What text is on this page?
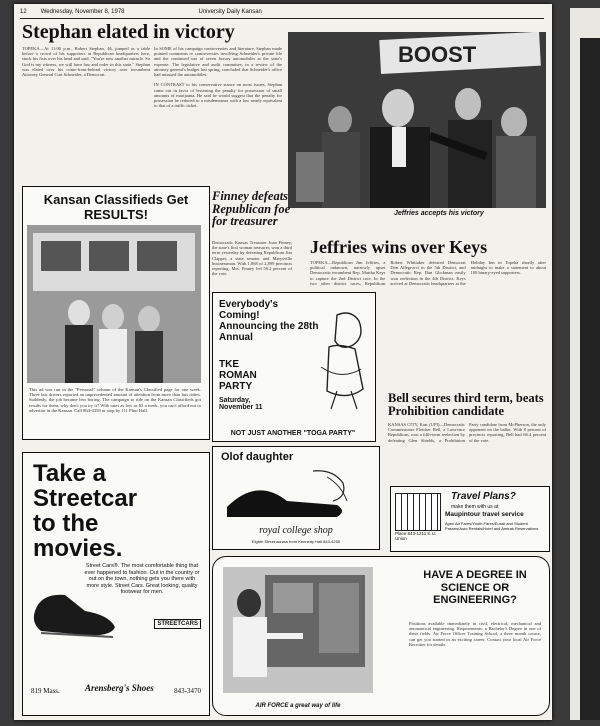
12 Wednesday, November 8, 1978	University Daily Kansan
Stephan elated in victory
TOPEKA—At 11:00 p.m., Robert Stephan, 46, jumped as a table before a crowd of his supporters at Republican headquarters here, stuck his fists over his head and said, "You're now another miracle. So God is my witness, we will have law and order in this state." Stephan was elated over his come-from-behind victory over incumbent Attorney General Curt Schneider, a Democrat.
In SOME of his campaign controversies and literature, Stephan made pointed comments to controversies involving Schneider's private life and the continued use of seven luxury automobiles at the state's expense. The legislative and audit committee, in a review of the attorney general's budget last spring, concluded that Schneider's office had misused the automobiles.

IN CONTRAST to his conservative stance on most issues, Stephan came out in favor of lessening the penalty for possession of small amounts of marijuana. He said he would suggest that the penalty for possession be reduced to a misdemeanor with a law nearly equivalent to that of a traffic ticket.
BOOST
Jeffries accepts his victory
Kansan Classifieds Get
RESULTS!
This ad was run in the "Personal" column of the Kansan's Classified page for one week. Three bus drivers reported an unprecedented amount of attention from more than bus riders. Suddenly, the job became less boring. The campaign to ride on the Kansan Classifieds got results for them, why don't you try it? With rates as low as $3 a week, you can't afford not to advertise in the Kansan. Call 864-4358 or stop by 111 Flint Hall.
Finney defeats Republican foe for treasurer
Democratic Kansas Treasurer Joan Finney, the state's first woman treasurer, won a third term yesterday by defeating Republican Jim Clapper, a state senator and Marysville businessman. With 1,868 of 2,899 precincts reporting, Mrs. Finney led 58.2 percent of the vote.
Jeffries wins over Keys
TOPEKA—Republican Jim Jeffries, a political unknown, narrowly upset Democratic incumbent Rep. Martha Keys to capture the 2nd District race. In the two other district races, Republican Robert Whittaker defeated Democrat Don Allegrucci in the 5th District, and Democratic Rep. Dan Glickman easily won reelection in the 4th District. Keys arrived at Democratic headquarters at the Holiday Inn in Topeka shortly after midnight to make a statement to about 100 binary-eyed supporters.
Everybody's Coming! Announcing the 28th Annual
TKE ROMAN PARTY
Saturday, November 11
NOT JUST ANOTHER "TOGA PARTY"
Bell secures third term, beats Prohibition candidate
KANSAS CITY, Kan. (UPI)—Democratic Commissioner Fletcher Bell, a Lawrence Republican, won a fifth-term reelection by defeating Glen Shields, a Prohibition Party candidate from McPherson, the only opponent on the ballot. With 8 percent of precincts reporting, Bell had 66.4 percent of the vote.
Olof daughter
royal college shop
Eighth Street across from Kennedy Hall 843-4255
Travel Plans?
make them with us at
Maupintour travel service
Apex Air Fares/Youth Fares/Eurail and Student Passes/Auto Rentals/Hotel and Amtrak Reservations
Place 843-1211 K.U. Union
Take a
Streetcar
to the
movies.
Street Cars®. The most comfortable thing that ever happened to fashion. Out in the country or out on the town, nothing gets you there with more style. Street Cars. Great looking, quality footwear for men.
STREETCARS
819 Mass.	Arensberg's Shoes	843-3470
AIR FORCE a great way of life
HAVE A DEGREE IN SCIENCE OR ENGINEERING?
Positions available immediately in civil, electrical, mechanical and aeronautical engineering. Requirements: a Bachelor's Degree in one of these fields. Air Force Officer Training School, a three month course, can get you started in an exciting career. Contact your local Air Force Recruiter for details.
